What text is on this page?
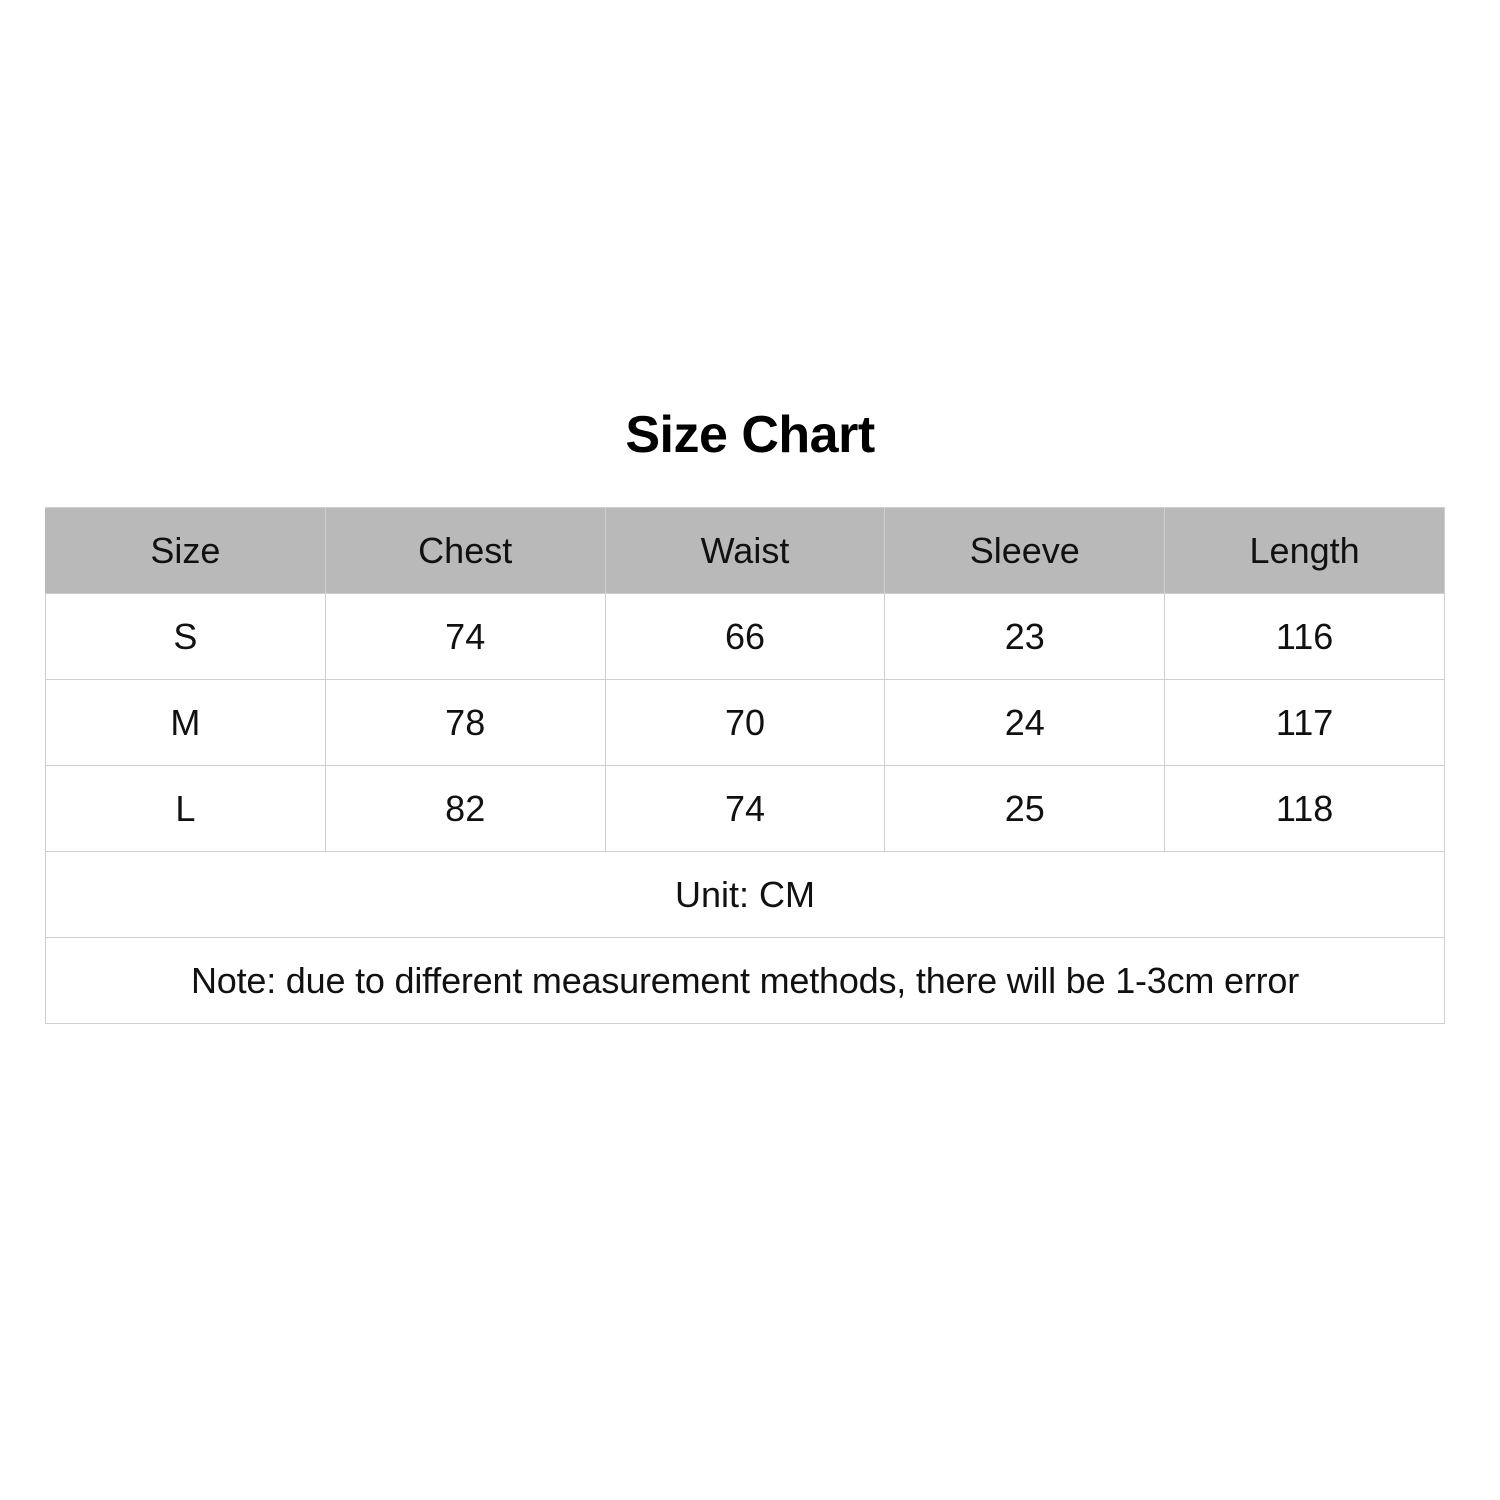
Size Chart
Size	Chest	Waist	Sleeve	Length
S	74	66	23	116
M	78	70	24	117
L	82	74	25	118
Unit: CM				
Note: due to different measurement methods, there will be 1-3cm error				
